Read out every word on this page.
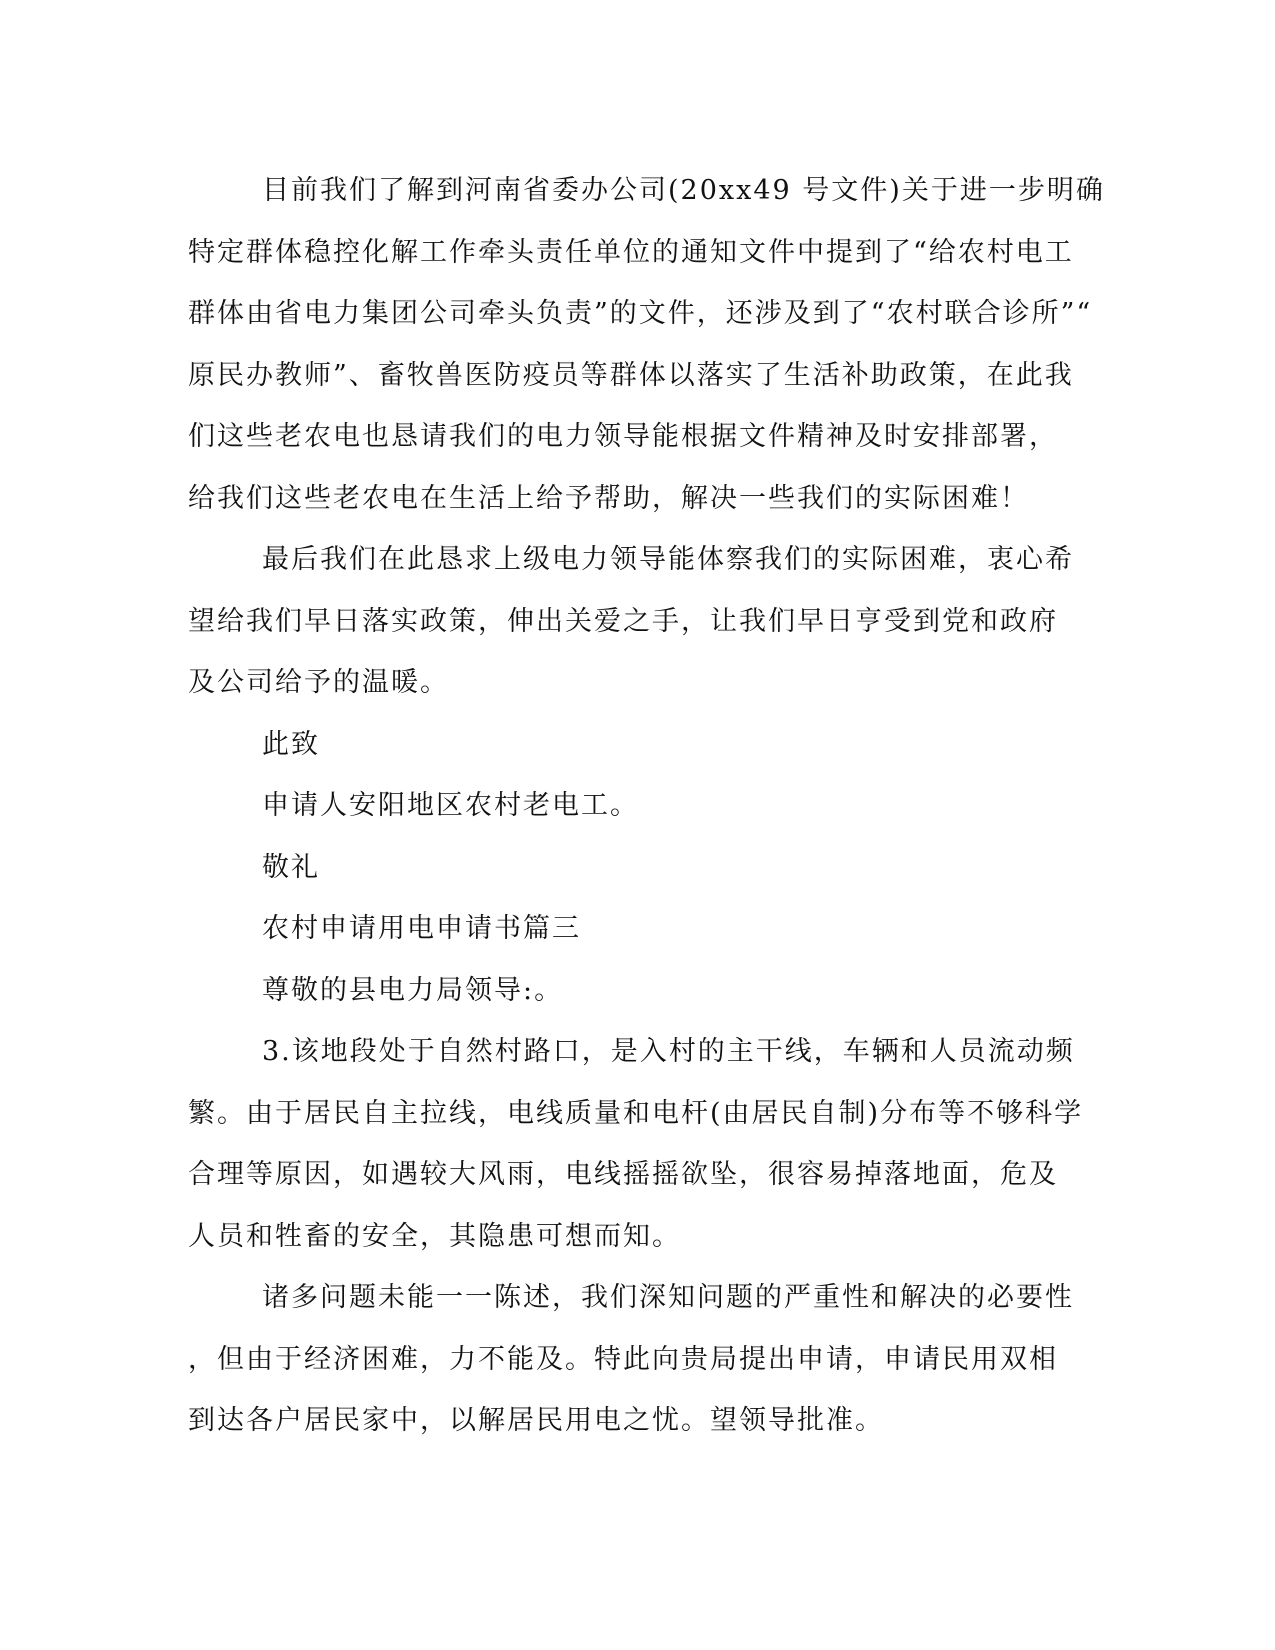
目前我们了解到河南省委办公司(20xx49 号文件)关于进一步明确
特定群体稳控化解工作牵头责任单位的通知文件中提到了“给农村电工
群体由省电力集团公司牵头负责”的文件，还涉及到了“农村联合诊所”“
原民办教师”、畜牧兽医防疫员等群体以落实了生活补助政策，在此我
们这些老农电也恳请我们的电力领导能根据文件精神及时安排部署，
给我们这些老农电在生活上给予帮助，解决一些我们的实际困难！
最后我们在此恳求上级电力领导能体察我们的实际困难，衷心希
望给我们早日落实政策，伸出关爱之手，让我们早日亨受到党和政府
及公司给予的温暖。
此致
申请人安阳地区农村老电工。
敬礼
农村申请用电申请书篇三
尊敬的县电力局领导:。
3.该地段处于自然村路口，是入村的主干线，车辆和人员流动频
繁。由于居民自主拉线，电线质量和电杆(由居民自制)分布等不够科学
合理等原因，如遇较大风雨，电线摇摇欲坠，很容易掉落地面，危及
人员和牲畜的安全，其隐患可想而知。
诸多问题未能一一陈述，我们深知问题的严重性和解决的必要性
，但由于经济困难，力不能及。特此向贵局提出申请，申请民用双相
到达各户居民家中，以解居民用电之忧。望领导批准。
